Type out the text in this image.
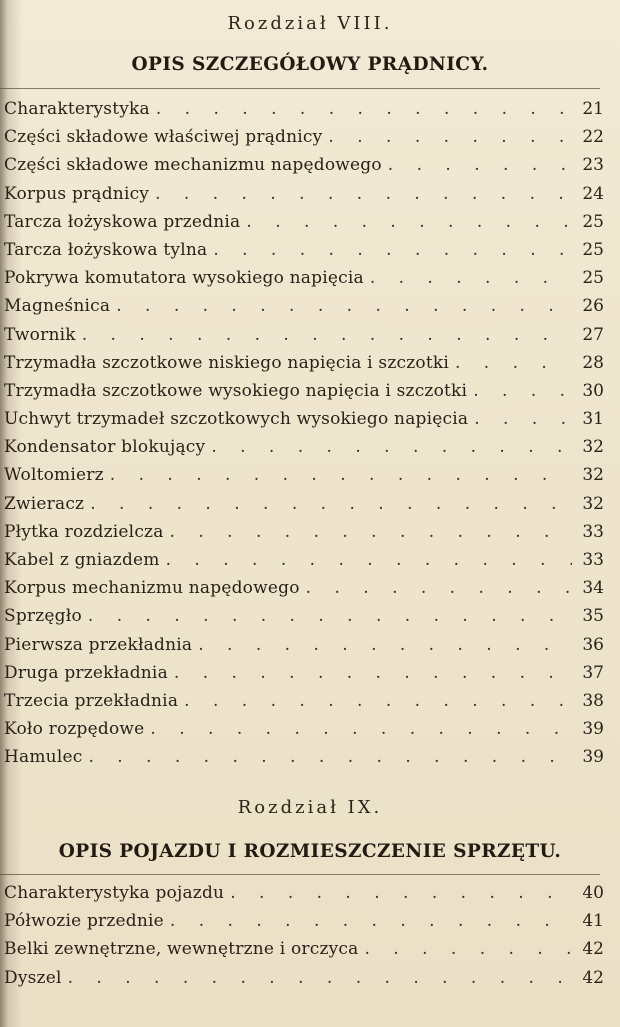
Rozdział VIII.
OPIS SZCZEGÓŁOWY PRĄDNICY.
Charakterystyka . . .	21
Części składowe właściwej prądnicy . . .	22
Części składowe mechanizmu napędowego . . .	23
Korpus prądnicy . . .	24
Tarcza łożyskowa przednia . . .	25
Tarcza łożyskowa tylna . . .	25
Pokrywa komutatora wysokiego napięcia . . .	25
Magneśnica . . .	26
Twornik . . .	27
Trzymadła szczotkowe niskiego napięcia i szczotki . . .	28
Trzymadła szczotkowe wysokiego napięcia i szczotki . . .	30
Uchwyt trzymadeł szczotkowych wysokiego napięcia . . .	31
Kondensator blokujący . . .	32
Woltomierz . . .	32
Zwieracz . . .	32
Płytka rozdzielcza . . .	33
Kabel z gniazdem . . .	33
Korpus mechanizmu napędowego . . .	34
Sprzęgło . . .	35
Pierwsza przekładnia . . .	36
Druga przekładnia . . .	37
Trzecia przekładnia . . .	38
Koło rozpędowe . . .	39
Hamulec . . .	39
Rozdział IX.
OPIS POJAZDU I ROZMIESZCZENIE SPRZĘTU.
Charakterystyka pojazdu . . .	40
Półwozie przednie . . .	41
Belki zewnętrzne, wewnętrzne i orczyca . . .	42
Dyszel . . .	42
